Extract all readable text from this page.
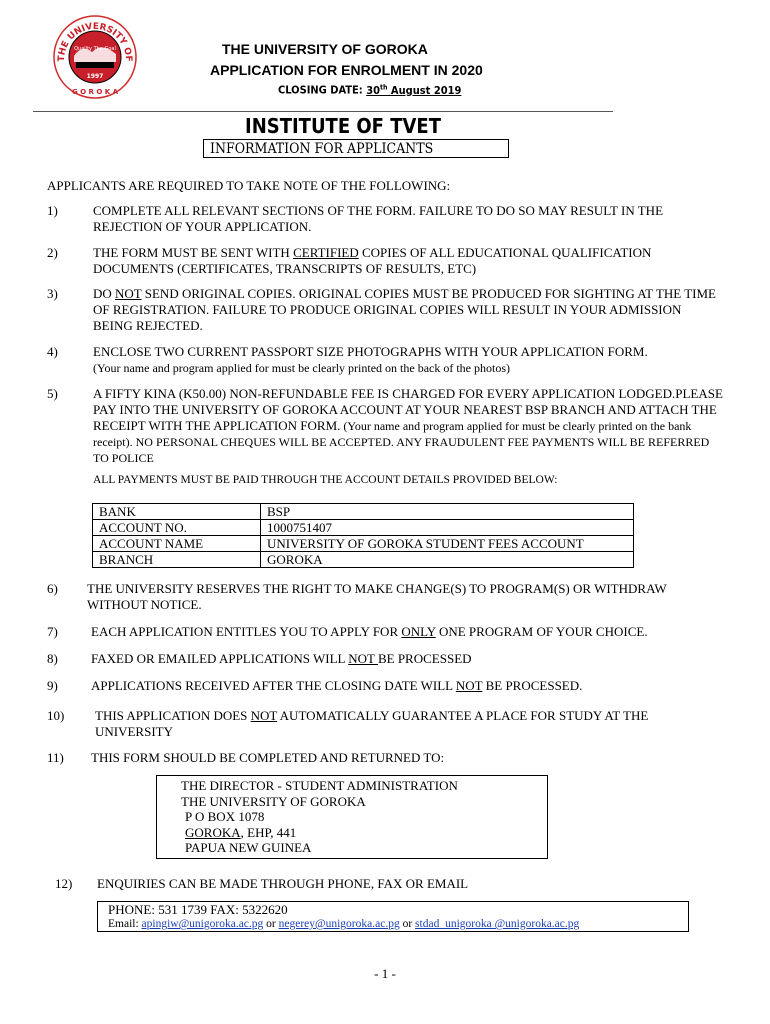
THE UNIVERSITY OF
Quality The Goal
1997
G O R O K A
THE UNIVERSITY OF GOROKA
APPLICATION FOR ENROLMENT IN 2020
CLOSING DATE: 30th August 2019
INSTITUTE OF TVET
INFORMATION FOR APPLICANTS
APPLICANTS ARE REQUIRED TO TAKE NOTE OF THE FOLLOWING:
1)	COMPLETE ALL RELEVANT SECTIONS OF THE FORM. FAILURE TO DO SO MAY RESULT IN THE REJECTION OF YOUR APPLICATION.
2)	THE FORM MUST BE SENT WITH CERTIFIED COPIES OF ALL EDUCATIONAL QUALIFICATION DOCUMENTS (CERTIFICATES, TRANSCRIPTS OF RESULTS, ETC)
3)	DO NOT SEND ORIGINAL COPIES. ORIGINAL COPIES MUST BE PRODUCED FOR SIGHTING AT THE TIME OF REGISTRATION. FAILURE TO PRODUCE ORIGINAL COPIES WILL RESULT IN YOUR ADMISSION BEING REJECTED.
4)	ENCLOSE TWO CURRENT PASSPORT SIZE PHOTOGRAPHS WITH YOUR APPLICATION FORM.
(Your name and program applied for must be clearly printed on the back of the photos)
5)	A FIFTY KINA (K50.00) NON-REFUNDABLE FEE IS CHARGED FOR EVERY APPLICATION LODGED.PLEASE PAY INTO THE UNIVERSITY OF GOROKA ACCOUNT AT YOUR NEAREST BSP BRANCH AND ATTACH THE RECEIPT WITH THE APPLICATION FORM. (Your name and program applied for must be clearly printed on the bank receipt). NO PERSONAL CHEQUES WILL BE ACCEPTED. ANY FRAUDULENT FEE PAYMENTS WILL BE REFERRED TO POLICE
ALL PAYMENTS MUST BE PAID THROUGH THE ACCOUNT DETAILS PROVIDED BELOW:
BANK	BSP
ACCOUNT NO.	1000751407
ACCOUNT NAME	UNIVERSITY OF GOROKA STUDENT FEES ACCOUNT
BRANCH	GOROKA
6)	THE UNIVERSITY RESERVES THE RIGHT TO MAKE CHANGE(S) TO PROGRAM(S) OR WITHDRAW WITHOUT NOTICE.
7)	EACH APPLICATION ENTITLES YOU TO APPLY FOR ONLY ONE PROGRAM OF YOUR CHOICE.
8)	FAXED OR EMAILED APPLICATIONS WILL NOT BE PROCESSED
9)	APPLICATIONS RECEIVED AFTER THE CLOSING DATE WILL NOT BE PROCESSED.
10)	THIS APPLICATION DOES NOT AUTOMATICALLY GUARANTEE A PLACE FOR STUDY AT THE UNIVERSITY
11)	THIS FORM SHOULD BE COMPLETED AND RETURNED TO:
THE DIRECTOR - STUDENT ADMINISTRATION
THE UNIVERSITY OF GOROKA
P O BOX 1078
GOROKA, EHP, 441
PAPUA NEW GUINEA
12)	ENQUIRIES CAN BE MADE THROUGH PHONE, FAX OR EMAIL
PHONE: 531 1739 FAX: 5322620
Email: apingiw@unigoroka.ac.pg or negerey@unigoroka.ac.pg or stdad_unigoroka @unigoroka.ac.pg
- 1 -
